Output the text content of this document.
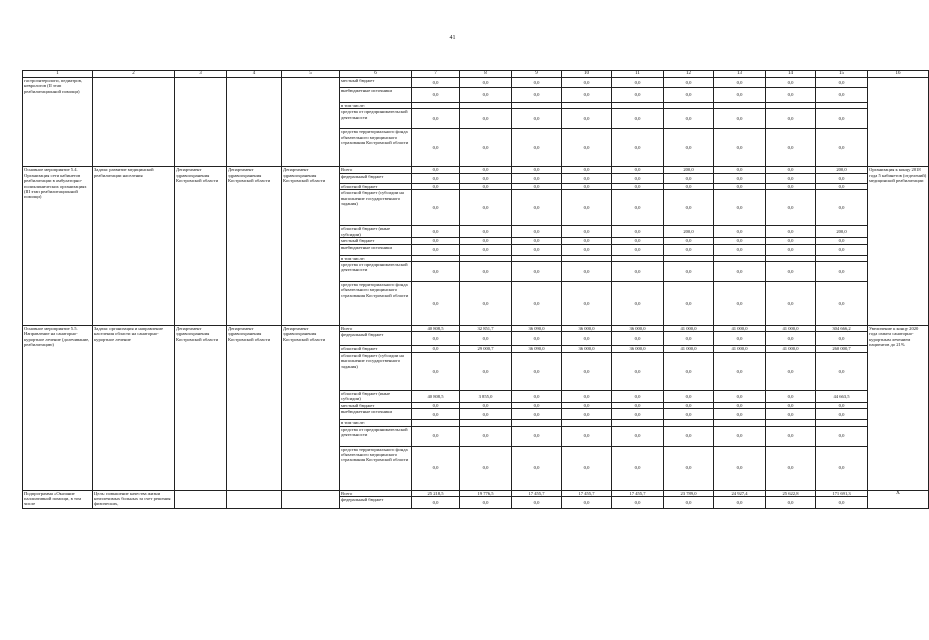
41
1	2	3	4	5	6	7	8	9	10	11	12	13	14	15	16
гастроэнтерологи, педиатров, неврологов (II этап реабилитационной помощи)					местный бюджет	0,0	0,0	0,0	0,0	0,0	0,0	0,0	0,0	0,0	
					внебюджетные источники	0,0	0,0	0,0	0,0	0,0	0,0	0,0	0,0	0,0	
					в том числе:										
					средства от предпринимательской деятельности	0,0	0,0	0,0	0,0	0,0	0,0	0,0	0,0	0,0	
					средства территориального фонда обязательного медицинского страхования Костромской области	0,0	0,0	0,0	0,0	0,0	0,0	0,0	0,0	0,0	
Основное мероприятие 5.4. Организация сети кабинетов реабилитации в амбулаторно-поликлинических организациях (III этап реабилитационной помощи)	Задача: развитие медицинской реабилитации населения	Департамент здравоохранения Костромской области	Департамент здравоохранения Костромской области	Департамент здравоохранения Костромской области	Всего	0,0	0,0	0,0	0,0	0,0	200,0	0,0	0,0	200,0	Организация к концу 2018 года 5 кабинетов (отделений) медицинской реабилитации
					федеральный бюджет	0,0	0,0	0,0	0,0	0,0	0,0	0,0	0,0	0,0	
					областной бюджет	0,0	0,0	0,0	0,0	0,0	0,0	0,0	0,0	0,0	
					областной бюджет (субсидии на выполнение государственного задания)	0,0	0,0	0,0	0,0	0,0	0,0	0,0	0,0	0,0	
					областной бюджет (иные субсидии)	0,0	0,0	0,0	0,0	0,0	200,0	0,0	0,0	200,0	
					местный бюджет	0,0	0,0	0,0	0,0	0,0	0,0	0,0	0,0	0,0	
					внебюджетные источники	0,0	0,0	0,0	0,0	0,0	0,0	0,0	0,0	0,0	
					в том числе:										
					средства от предпринимательской деятельности	0,0	0,0	0,0	0,0	0,0	0,0	0,0	0,0	0,0	
					средства территориального фонда обязательного медицинского страхования Костромской области	0,0	0,0	0,0	0,0	0,0	0,0	0,0	0,0	0,0	
Основное мероприятие 5.5. Направление на санаторно-курортное лечение (долечивание, реабилитацию)	Задача: организация и направление населения области на санаторно-курортное лечение	Департамент здравоохранения Костромской области	Департамент здравоохранения Костромской области	Департамент здравоохранения Костромской области	Всего	40 808,5	32 851,7	36 090,0	36 000,0	36 000,0	41 000,0	41 000,0	41 000,0	304 666,2	Увеличение к концу 2020 года охвата санаторно-курортным лечением пациентов до 21%
					федеральный бюджет	0,0	0,0	0,0	0,0	0,0	0,0	0,0	0,0	0,0	
					областной бюджет	0,0	29 000,7	36 090,0	36 000,0	36 000,0	41 000,0	41 000,0	41 000,0	260 000,7	
					областной бюджет (субсидии на выполнение государственного задания)	0,0	0,0	0,0	0,0	0,0	0,0	0,0	0,0	0,0	
					областной бюджет (иные субсидии)	40 808,5	3 855,0	0,0	0,0	0,0	0,0	0,0	0,0	44 663,5	
					местный бюджет	0,0	0,0	0,0	0,0	0,0	0,0	0,0	0,0	0,0	
					внебюджетные источники	0,0	0,0	0,0	0,0	0,0	0,0	0,0	0,0	0,0	
					в том числе:										
					средства от предпринимательской деятельности	0,0	0,0	0,0	0,0	0,0	0,0	0,0	0,0	0,0	
					средства территориального фонда обязательного медицинского страхования Костромской области	0,0	0,0	0,0	0,0	0,0	0,0	0,0	0,0	0,0	
Подпрограмма «Оказание паллиативной помощи, в том числе	Цель: повышение качества жизни неизлечимых больных за счет решения физических,				Всего	25 218,5	19 776,5	17 455,7	17 455,7	17 455,7	23 789,0	24 927,4	25 622,8	171 691,3	X
					федеральный бюджет	0,0	0,0	0,0	0,0	0,0	0,0	0,0	0,0	0,0	
